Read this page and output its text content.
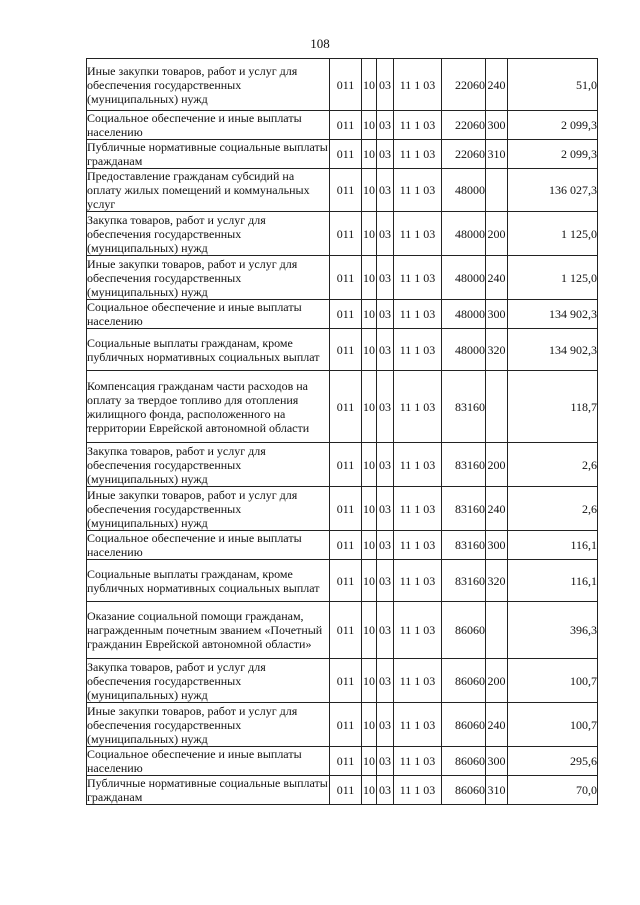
108
Иные закупки товаров, работ и услуг для обеспечения государственных (муниципальных) нужд	011	10	03	11 1 03	22060	240	51,0
Социальное обеспечение и иные выплаты населению	011	10	03	11 1 03	22060	300	2 099,3
Публичные нормативные социальные выплаты гражданам	011	10	03	11 1 03	22060	310	2 099,3
Предоставление гражданам субсидий на оплату жилых помещений и коммунальных услуг	011	10	03	11 1 03	48000		136 027,3
Закупка товаров, работ и услуг для обеспечения государственных (муниципальных) нужд	011	10	03	11 1 03	48000	200	1 125,0
Иные закупки товаров, работ и услуг для обеспечения государственных (муниципальных) нужд	011	10	03	11 1 03	48000	240	1 125,0
Социальное обеспечение и иные выплаты населению	011	10	03	11 1 03	48000	300	134 902,3
Социальные выплаты гражданам, кроме публичных нормативных социальных выплат	011	10	03	11 1 03	48000	320	134 902,3
Компенсация гражданам части расходов на оплату за твердое топливо для отопления жилищного фонда, расположенного на территории Еврейской автономной области	011	10	03	11 1 03	83160		118,7
Закупка товаров, работ и услуг для обеспечения государственных (муниципальных) нужд	011	10	03	11 1 03	83160	200	2,6
Иные закупки товаров, работ и услуг для обеспечения государственных (муниципальных) нужд	011	10	03	11 1 03	83160	240	2,6
Социальное обеспечение и иные выплаты населению	011	10	03	11 1 03	83160	300	116,1
Социальные выплаты гражданам, кроме публичных нормативных социальных выплат	011	10	03	11 1 03	83160	320	116,1
Оказание социальной помощи гражданам, награжденным почетным званием «Почетный гражданин Еврейской автономной области»	011	10	03	11 1 03	86060		396,3
Закупка товаров, работ и услуг для обеспечения государственных (муниципальных) нужд	011	10	03	11 1 03	86060	200	100,7
Иные закупки товаров, работ и услуг для обеспечения государственных (муниципальных) нужд	011	10	03	11 1 03	86060	240	100,7
Социальное обеспечение и иные выплаты населению	011	10	03	11 1 03	86060	300	295,6
Публичные нормативные социальные выплаты гражданам	011	10	03	11 1 03	86060	310	70,0
